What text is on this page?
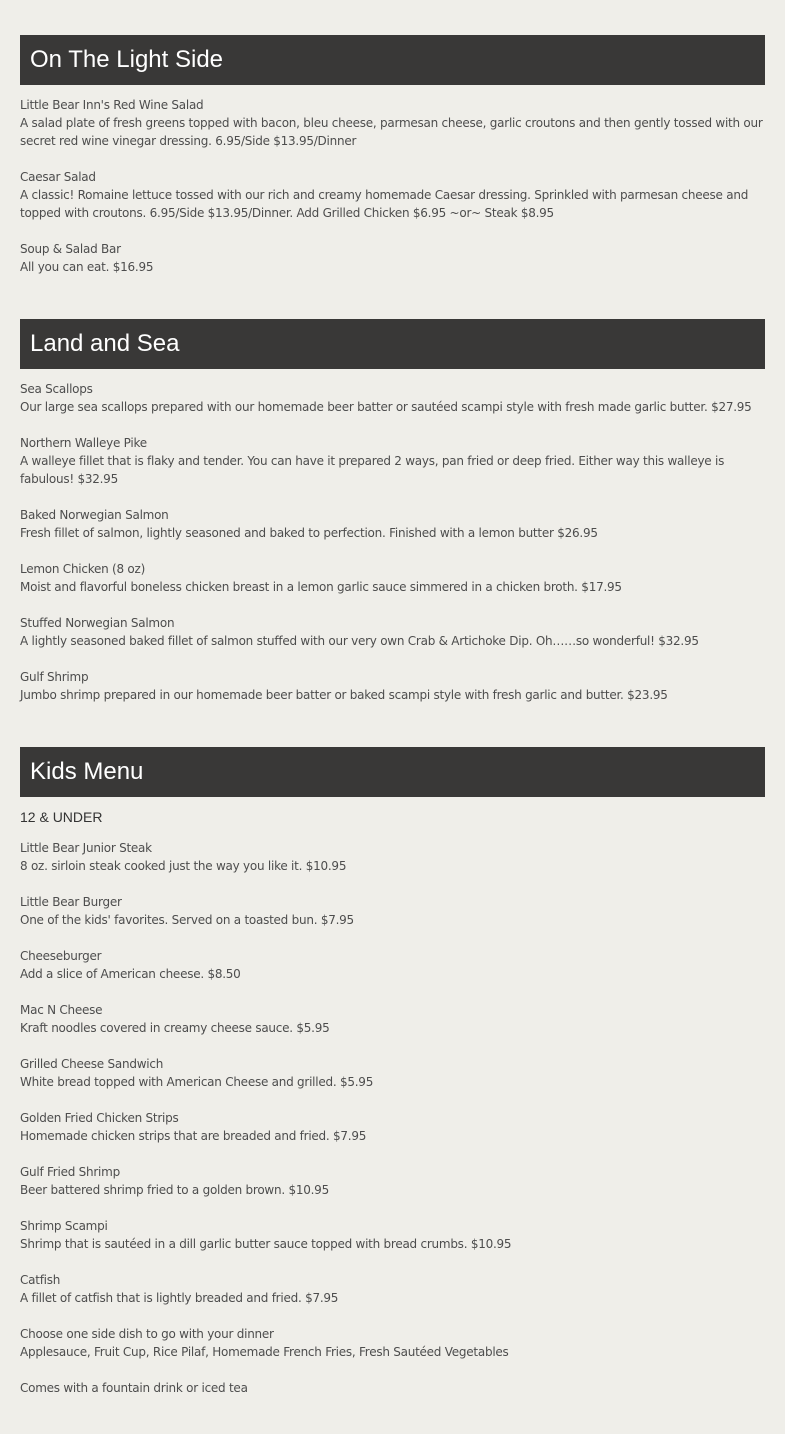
On The Light Side
Little Bear Inn's Red Wine Salad
A salad plate of fresh greens topped with bacon, bleu cheese, parmesan cheese, garlic croutons and then gently tossed with our secret red wine vinegar dressing. 6.95/Side $13.95/Dinner
Caesar Salad
A classic! Romaine lettuce tossed with our rich and creamy homemade Caesar dressing. Sprinkled with parmesan cheese and topped with croutons. 6.95/Side $13.95/Dinner. Add Grilled Chicken $6.95 ~or~ Steak $8.95
Soup & Salad Bar
All you can eat. $16.95
Land and Sea
Sea Scallops
Our large sea scallops prepared with our homemade beer batter or sautéed scampi style with fresh made garlic butter. $27.95
Northern Walleye Pike
A walleye fillet that is flaky and tender. You can have it prepared 2 ways, pan fried or deep fried. Either way this walleye is fabulous! $32.95
Baked Norwegian Salmon
Fresh fillet of salmon, lightly seasoned and baked to perfection. Finished with a lemon butter $26.95
Lemon Chicken (8 oz)
Moist and flavorful boneless chicken breast in a lemon garlic sauce simmered in a chicken broth. $17.95
Stuffed Norwegian Salmon
A lightly seasoned baked fillet of salmon stuffed with our very own Crab & Artichoke Dip. Oh……so wonderful! $32.95
Gulf Shrimp
Jumbo shrimp prepared in our homemade beer batter or baked scampi style with fresh garlic and butter. $23.95
Kids Menu
12 & UNDER
Little Bear Junior Steak
8 oz. sirloin steak cooked just the way you like it. $10.95
Little Bear Burger
One of the kids' favorites. Served on a toasted bun. $7.95
Cheeseburger
Add a slice of American cheese. $8.50
Mac N Cheese
Kraft noodles covered in creamy cheese sauce. $5.95
Grilled Cheese Sandwich
White bread topped with American Cheese and grilled. $5.95
Golden Fried Chicken Strips
Homemade chicken strips that are breaded and fried. $7.95
Gulf Fried Shrimp
Beer battered shrimp fried to a golden brown. $10.95
Shrimp Scampi
Shrimp that is sautéed in a dill garlic butter sauce topped with bread crumbs. $10.95
Catfish
A fillet of catfish that is lightly breaded and fried. $7.95
Choose one side dish to go with your dinner
Applesauce, Fruit Cup, Rice Pilaf, Homemade French Fries, Fresh Sautéed Vegetables
Comes with a fountain drink or iced tea
